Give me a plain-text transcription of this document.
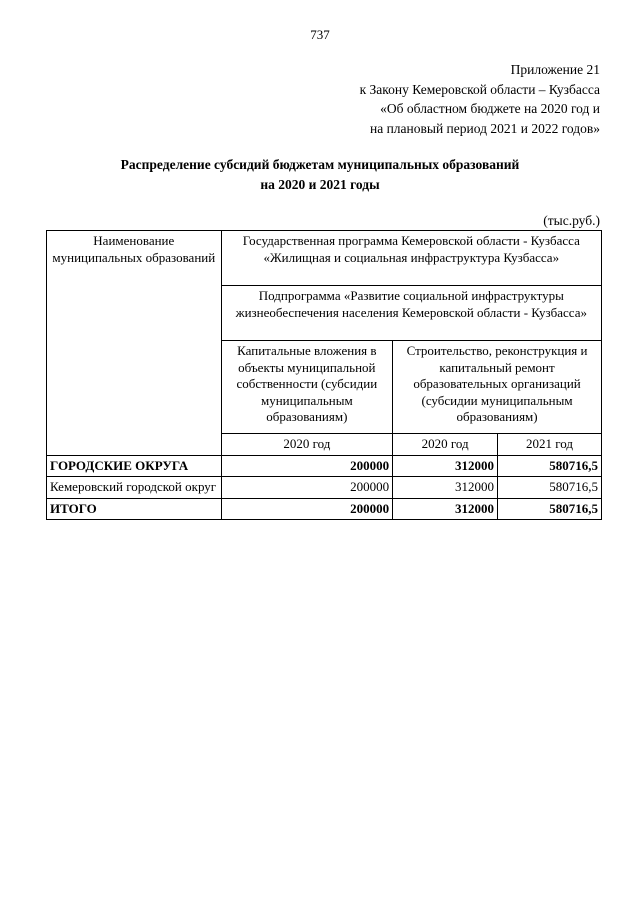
737
Приложение 21
к Закону Кемеровской области – Кузбасса
«Об областном бюджете на 2020 год и
на плановый период 2021 и 2022 годов»
Распределение субсидий бюджетам муниципальных образований
на 2020 и 2021 годы
(тыс.руб.)
Наименование муниципальных образований	Государственная программа Кемеровской области - Кузбасса «Жилищная и социальная инфраструктура Кузбасса»		
	Подпрограмма «Развитие социальной инфраструктуры жизнеобеспечения населения Кемеровской области - Кузбасса»		
	Капитальные вложения в объекты муниципальной собственности (субсидии муниципальным образованиям)	Строительство, реконструкция и капитальный ремонт образовательных организаций (субсидии муниципальным образованиям)	
	2020 год	2020 год	2021 год
ГОРОДСКИЕ ОКРУГА	200000	312000	580716,5
Кемеровский городской округ	200000	312000	580716,5
ИТОГО	200000	312000	580716,5
